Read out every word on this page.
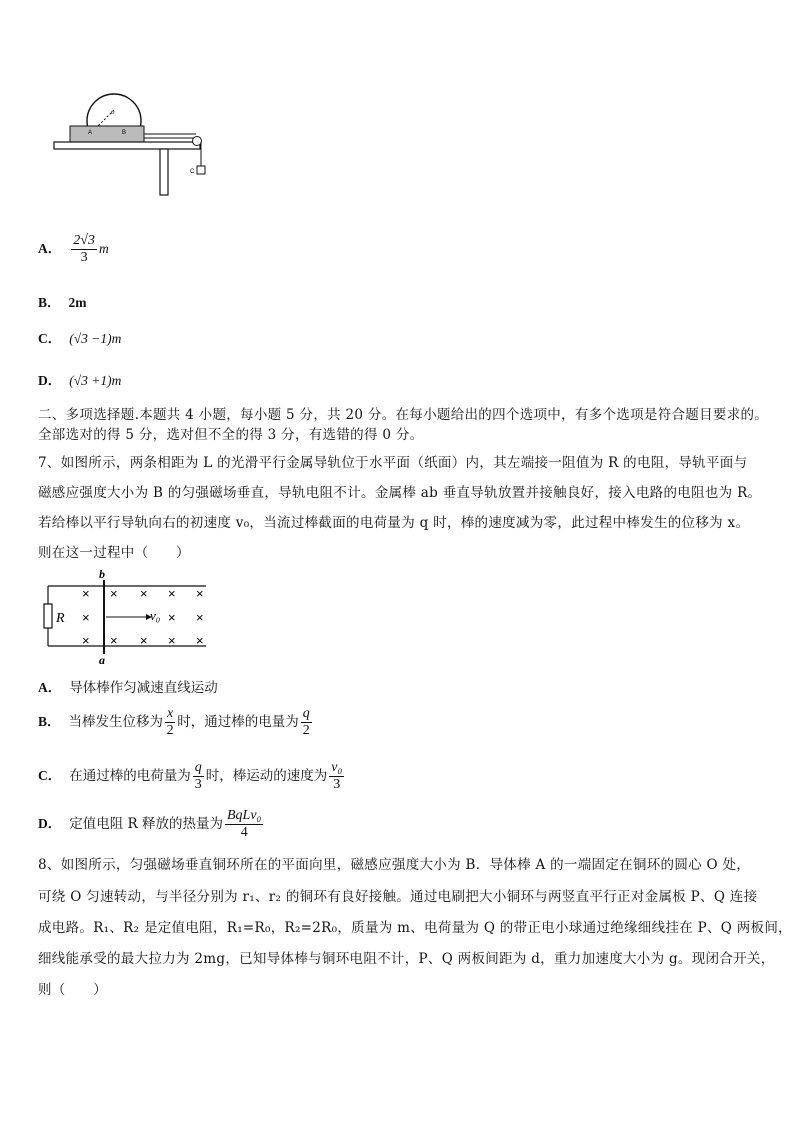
o
A	B
C
A． $\frac{2√3}{3}$ m
B． 2m
C． (√3 −1)m
D． (√3 +1)m
二、多项选择题.本题共 4 小题，每小题 5 分，共 20 分。在每小题给出的四个选项中，有多个选项是符合题目要求的。
全部选对的得 5 分，选对但不全的得 3 分，有选错的得 0 分。
7、如图所示，两条相距为 L 的光滑平行金属导轨位于水平面（纸面）内，其左端接一阻值为 R 的电阻，导轨平面与
磁感应强度大小为 B 的匀强磁场垂直，导轨电阻不计。金属棒 ab 垂直导轨放置并接触良好，接入电路的电阻也为 R。
若给棒以平行导轨向右的初速度 v₀，当流过棒截面的电荷量为 q 时，棒的速度减为零，此过程中棒发生的位移为 x。
则在这一过程中（　　）
R
b
a
×
×
×
×
×
×
×
×
×
×
×
×
×
v₀
A． 导体棒作匀减速直线运动
B． 当棒发生位移为 $\frac{x}{2}$ 时，通过棒的电量为 $\frac{q}{2}$
C． 在通过棒的电荷量为 $\frac{q}{3}$ 时，棒运动的速度为 $\frac{\text{v₀}}{3}$
D． 定值电阻 R 释放的热量为 $\frac{\text{BqLv₀}}{4}$
8、如图所示，匀强磁场垂直铜环所在的平面向里，磁感应强度大小为 B．导体棒 A 的一端固定在铜环的圆心 O 处，
可绕 O 匀速转动，与半径分别为 r₁、r₂ 的铜环有良好接触。通过电刷把大小铜环与两竖直平行正对金属板 P、Q 连接
成电路。R₁、R₂ 是定值电阻，R₁=R₀，R₂=2R₀，质量为 m、电荷量为 Q 的带正电小球通过绝缘细线挂在 P、Q 两板间，
细线能承受的最大拉力为 2mg，已知导体棒与铜环电阻不计，P、Q 两板间距为 d，重力加速度大小为 g。现闭合开关，
则（　　）
